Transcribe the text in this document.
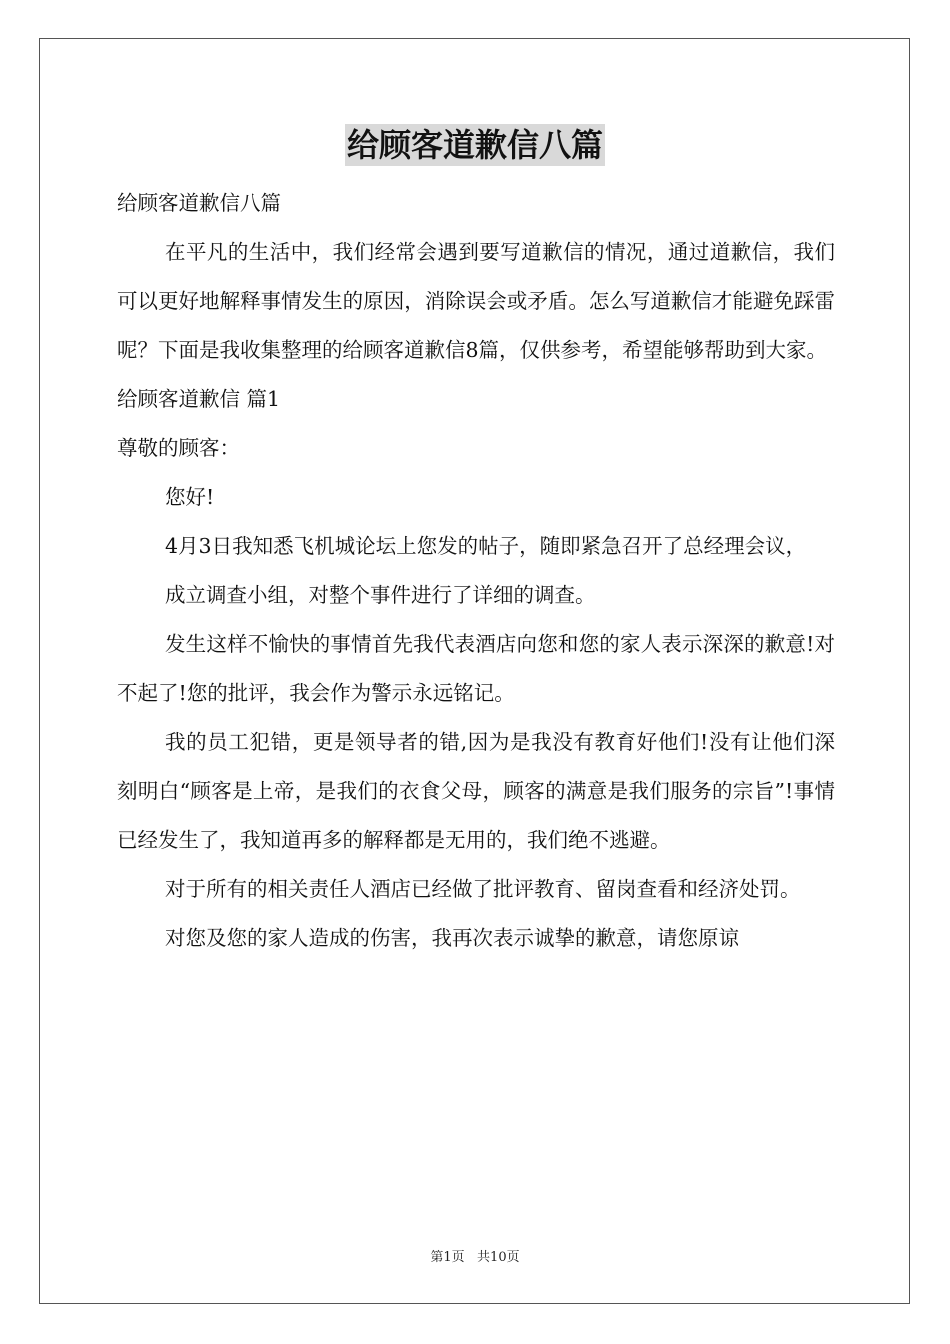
给顾客道歉信八篇

给顾客道歉信八篇

在平凡的生活中，我们经常会遇到要写道歉信的情况，通过道歉信，我们可以更好地解释事情发生的原因，消除误会或矛盾。怎么写道歉信才能避免踩雷呢？下面是我收集整理的给顾客道歉信8篇，仅供参考，希望能够帮助到大家。

给顾客道歉信 篇1

尊敬的顾客：

您好!

4月3日我知悉飞机城论坛上您发的帖子，随即紧急召开了总经理会议，

成立调查小组，对整个事件进行了详细的调查。

发生这样不愉快的事情首先我代表酒店向您和您的家人表示深深的歉意!对不起了!您的批评，我会作为警示永远铭记。

我的员工犯错，更是领导者的错,因为是我没有教育好他们!没有让他们深刻明白“顾客是上帝，是我们的衣食父母，顾客的满意是我们服务的宗旨”!事情已经发生了，我知道再多的解释都是无用的，我们绝不逃避。

对于所有的相关责任人酒店已经做了批评教育、留岗查看和经济处罚。

对您及您的家人造成的伤害，我再次表示诚挚的歉意，请您原谅

第1页   共10页
